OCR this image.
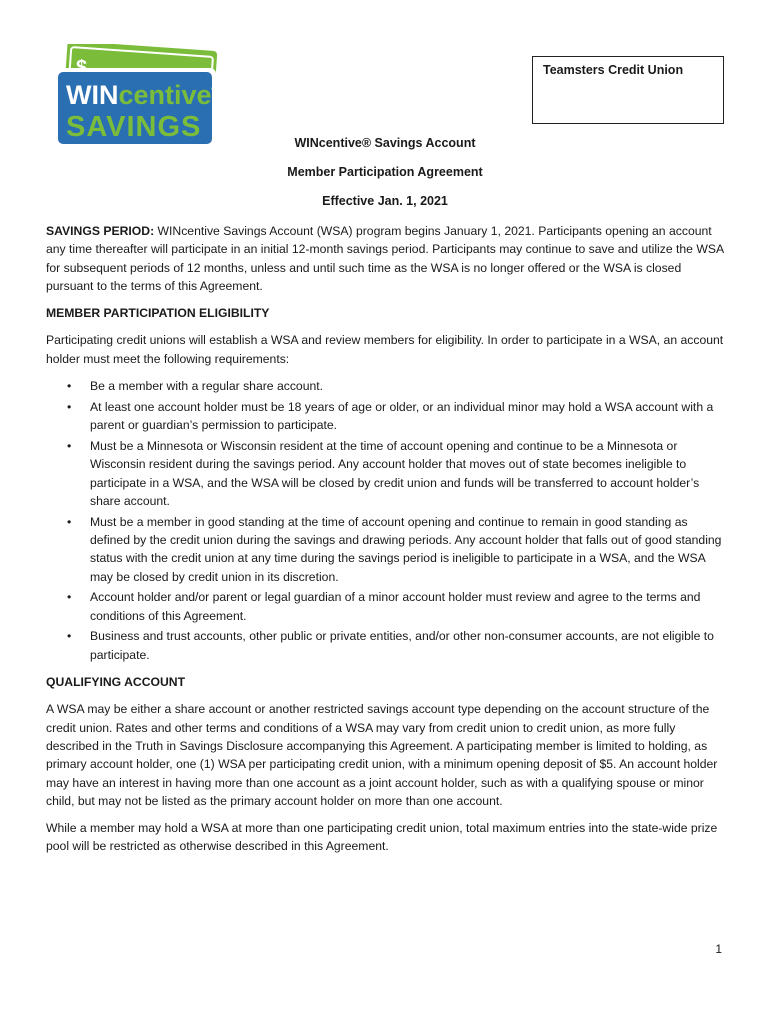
WINcentive®
SAVINGS
Teamsters Credit Union
WINcentive® Savings Account
Member Participation Agreement
Effective Jan. 1, 2021

SAVINGS PERIOD: WINcentive Savings Account (WSA) program begins January 1, 2021. Participants opening an account any time thereafter will participate in an initial 12-month savings period. Participants may continue to save and utilize the WSA for subsequent periods of 12 months, unless and until such time as the WSA is no longer offered or the WSA is closed pursuant to the terms of this Agreement.

MEMBER PARTICIPATION ELIGIBILITY

Participating credit unions will establish a WSA and review members for eligibility. In order to participate in a WSA, an account holder must meet the following requirements:

• Be a member with a regular share account.
• At least one account holder must be 18 years of age or older, or an individual minor may hold a WSA account with a parent or guardian’s permission to participate.
• Must be a Minnesota or Wisconsin resident at the time of account opening and continue to be a Minnesota or Wisconsin resident during the savings period. Any account holder that moves out of state becomes ineligible to participate in a WSA, and the WSA will be closed by credit union and funds will be transferred to account holder’s share account.
• Must be a member in good standing at the time of account opening and continue to remain in good standing as defined by the credit union during the savings and drawing periods. Any account holder that falls out of good standing status with the credit union at any time during the savings period is ineligible to participate in a WSA, and the WSA may be closed by credit union in its discretion.
• Account holder and/or parent or legal guardian of a minor account holder must review and agree to the terms and conditions of this Agreement.
• Business and trust accounts, other public or private entities, and/or other non-consumer accounts, are not eligible to participate.

QUALIFYING ACCOUNT

A WSA may be either a share account or another restricted savings account type depending on the account structure of the credit union. Rates and other terms and conditions of a WSA may vary from credit union to credit union, as more fully described in the Truth in Savings Disclosure accompanying this Agreement. A participating member is limited to holding, as primary account holder, one (1) WSA per participating credit union, with a minimum opening deposit of $5. An account holder may have an interest in having more than one account as a joint account holder, such as with a qualifying spouse or minor child, but may not be listed as the primary account holder on more than one account.

While a member may hold a WSA at more than one participating credit union, total maximum entries into the state-wide prize pool will be restricted as otherwise described in this Agreement.

1
